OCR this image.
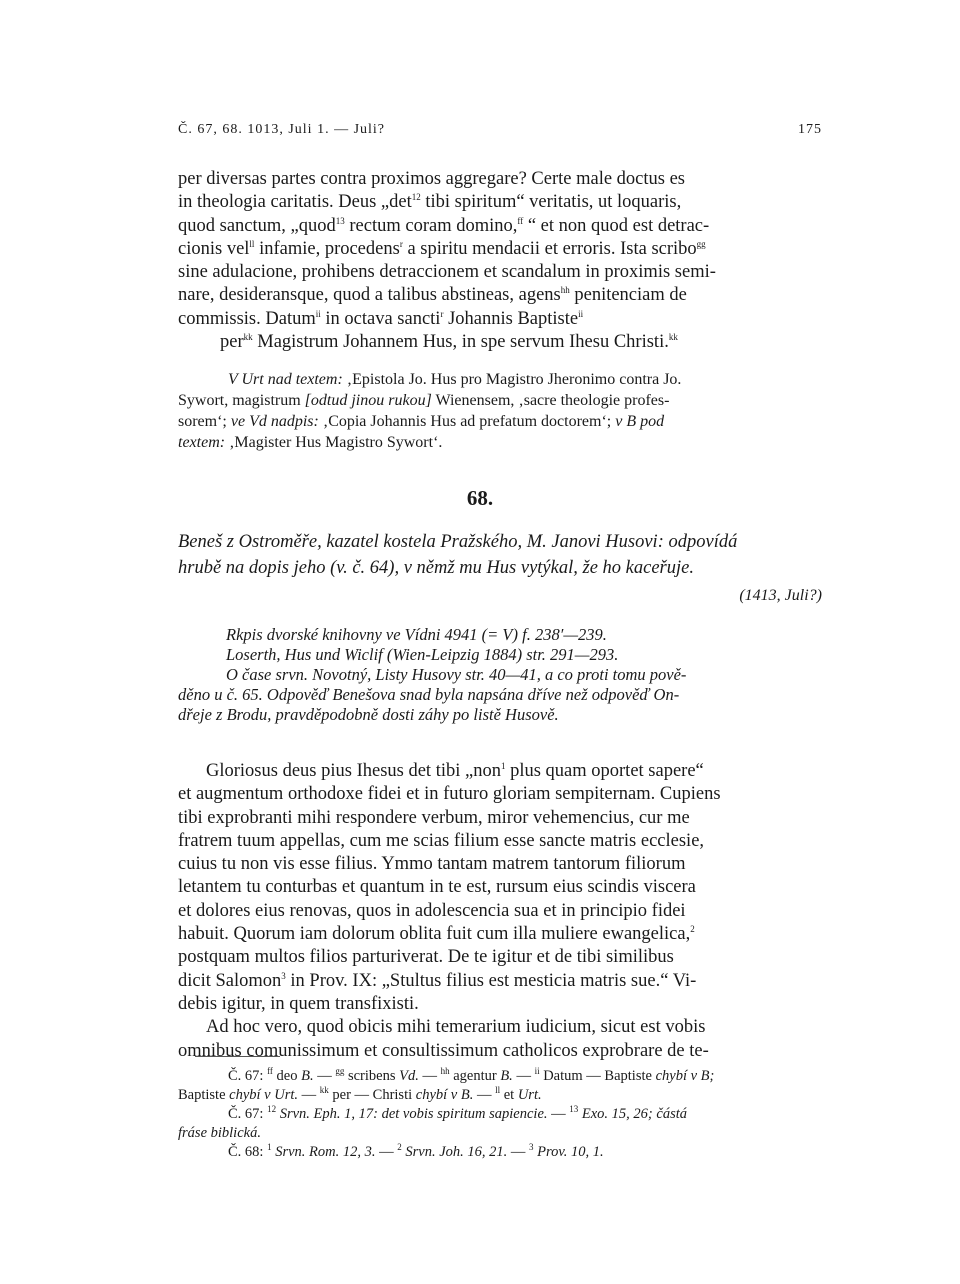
Č. 67, 68. 1013, Juli 1. — Juli?	175

per diversas partes contra proximos aggregare? Certe male doctus es

in theologia caritatis. Deus $„\det^{12}$ tibi spiritum“ veritatis, ut loquaris,

quod sanctum, „quod$^{13}$ rectum coram domino,$^{ff}$ “ et non quod est detrac-

cionis vel$^{ll}$ infamie, procedens$^r$ a spiritu mendacii et erroris. Ista scribo$^{gg}$

sine adulacione, prohibens detraccionem et scandalum in proximis semi-

nare, desideransque, quod a talibus abstineas, agens$^{hh}$ penitenciam de

commissis. Datum$^{ii}$ in octava sancti$^r$ Johannis Baptiste$^{ii}$

per$^{kk}$ Magistrum Johannem Hus, in spe servum Ihesu Christi.$^{kk}$

V Urt nad textem: ‚Epistola Jo. Hus pro Magistro Jheronimo contra Jo.

Sywort, magistrum [odtud jinou rukou] Wienensem, ‚sacre theologie profes-

sorem‘; ve Vd nadpis: ‚Copia Johannis Hus ad prefatum doctorem‘; v B pod

textem: ‚Magister Hus Magistro Sywort‘.

68.

Beneš z Ostroměře, kazatel kostela Pražského, M. Janovi Husovi: odpovídá

hrubě na dopis jeho (v. č. 64), v němž mu Hus vytýkal, že ho kaceřuje.

(1413, Juli?)

Rkpis dvorské knihovny ve Vídni 4941 (= V) f. 238′—239.

Loserth, Hus und Wiclif (Wien-Leipzig 1884) str. 291—293.

O čase srvn. Novotný, Listy Husovy str. 40—41, a co proti tomu pově-

děno u č. 65. Odpověď Benešova snad byla napsána dříve než odpověď On-

dřeje z Brodu, pravděpodobně dosti záhy po listě Husově.

Gloriosus deus pius Ihesus det tibi „non$^1$ plus quam oportet sapere“

et augmentum orthodoxe fidei et in futuro gloriam sempiternam. Cupiens

tibi exprobranti mihi respondere verbum, miror vehemencius, cur me

fratrem tuum appellas, cum me scias filium esse sancte matris ecclesie,

cuius tu non vis esse filius. Ymmo tantam matrem tantorum filiorum

letantem tu conturbas et quantum in te est, rursum eius scindis viscera

et dolores eius renovas, quos in adolescencia sua et in principio fidei

habuit. Quorum iam dolorum oblita fuit cum illa muliere ewangelica,$^2$

postquam multos filios parturiverat. De te igitur et de tibi similibus

dicit Salomon$^3$ in Prov. IX: „Stultus filius est mesticia matris sue.“ Vi-

debis igitur, in quem transfixisti.

Ad hoc vero, quod obicis mihi temerarium iudicium, sicut est vobis

omnibus comunissimum et consultissimum catholicos exprobrare de te-

Č. 67: $^{ff}$ deo B. — $^{gg}$ scribens Vd. — $^{hh}$ agentur B. — $^{ii}$ Datum — Baptiste chybí v B;

Baptiste chybí v Urt. — $^{kk}$ per — Christi chybí v B. — $^{ll}$ et Urt.

Č. 67: $^{12}$ Srvn. Eph. 1, 17: det vobis spiritum sapiencie. — $^{13}$ Exo. 15, 26; částá

fráse biblická.

Č. 68: $^1$ Srvn. Rom. 12, 3. — $^2$ Srvn. Joh. 16, 21. — $^3$ Prov. 10, 1.
